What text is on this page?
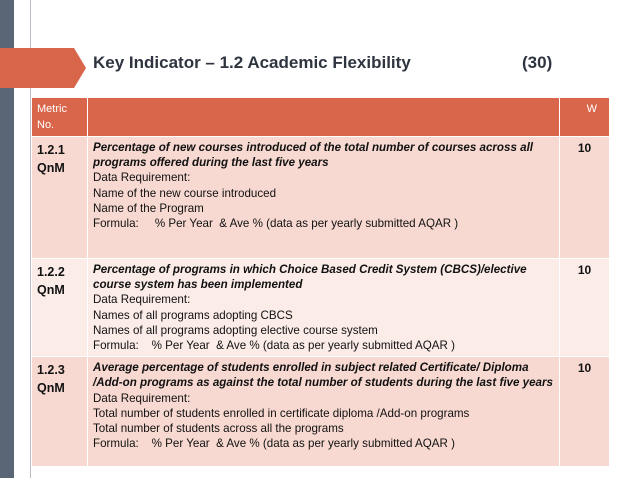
Key Indicator – 1.2 Academic Flexibility	(30)
Metric No.		W

1.2.1
QnM	Percentage of new courses introduced of the total number of courses across all programs offered during the last five years
Data Requirement:
Name of the new course introduced
Name of the Program
Formula:     % Per Year  & Ave % (data as per yearly submitted AQAR )	10

1.2.2
QnM	Percentage of programs in which Choice Based Credit System (CBCS)/elective course system has been implemented
Data Requirement:
Names of all programs adopting CBCS
Names of all programs adopting elective course system
Formula:    % Per Year  & Ave % (data as per yearly submitted AQAR )	10

1.2.3
QnM	Average percentage of students enrolled in subject related Certificate/ Diploma /Add-on programs as against the total number of students during the last five years
Data Requirement:
Total number of students enrolled in certificate diploma /Add-on programs
Total number of students across all the programs
Formula:    % Per Year  & Ave % (data as per yearly submitted AQAR )	10
